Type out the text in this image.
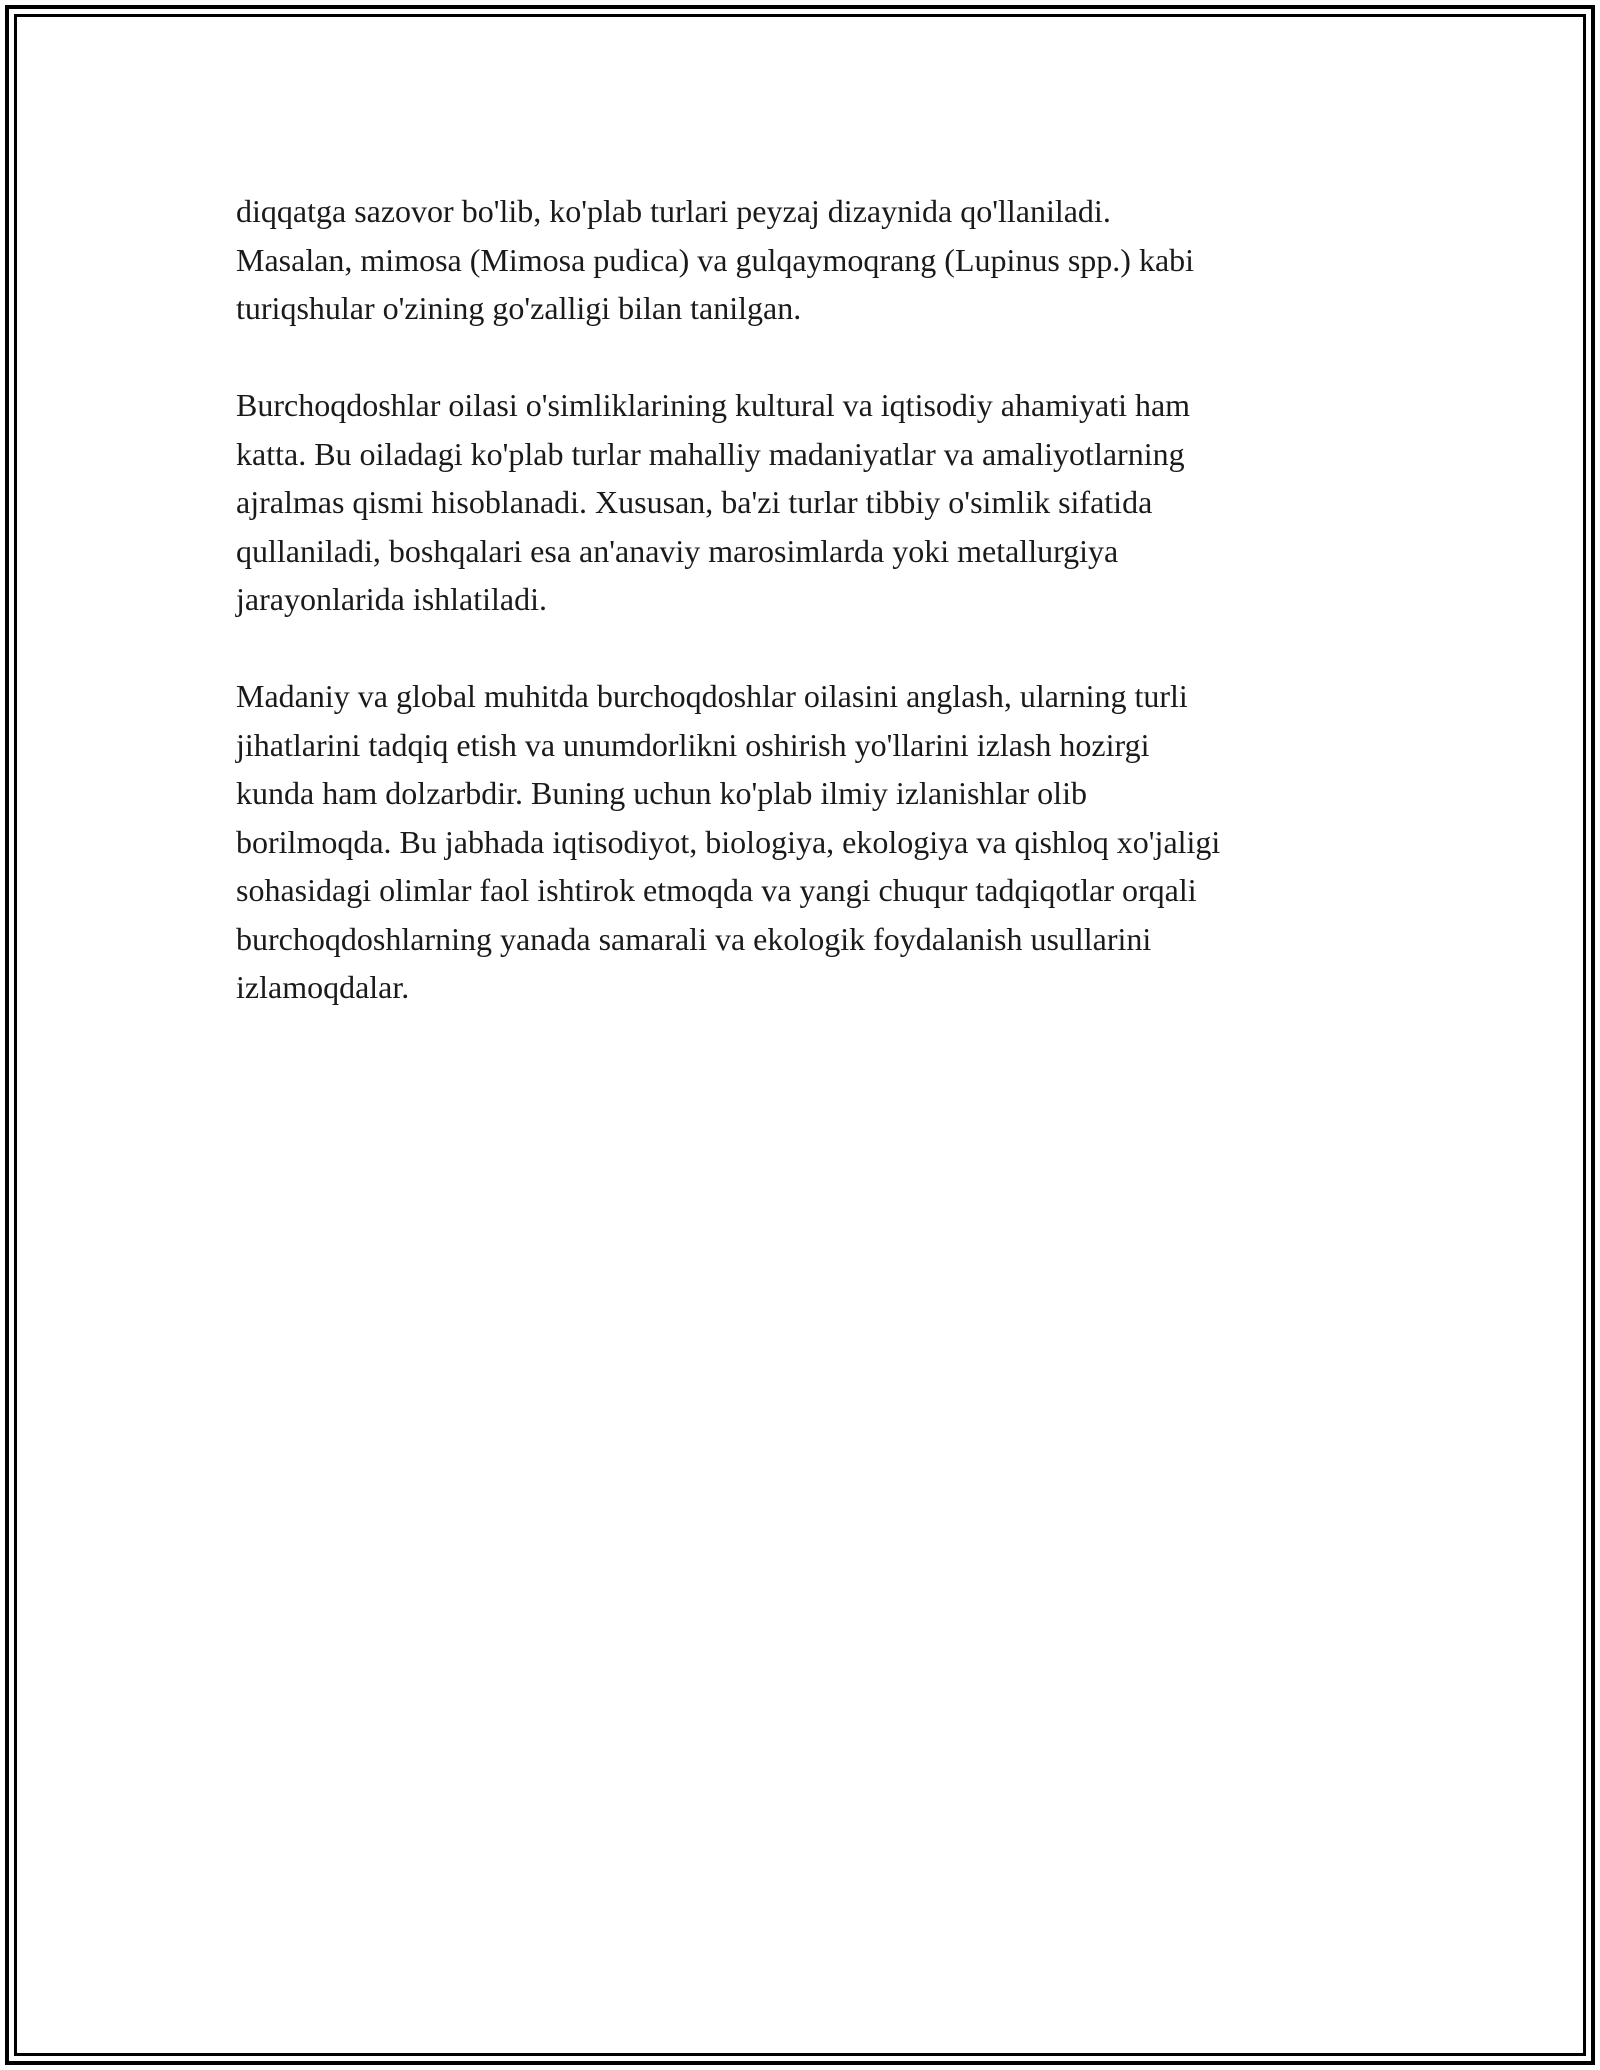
diqqatga sazovor bo'lib, ko'plab turlari peyzaj dizaynida qo'llaniladi.
Masalan, mimosa (Mimosa pudica) va gulqaymoqrang (Lupinus spp.) kabi
turiqshular o'zining go'zalligi bilan tanilgan.

Burchoqdoshlar oilasi o'simliklarining kultural va iqtisodiy ahamiyati ham
katta. Bu oiladagi ko'plab turlar mahalliy madaniyatlar va amaliyotlarning
ajralmas qismi hisoblanadi. Xususan, ba'zi turlar tibbiy o'simlik sifatida
qullaniladi, boshqalari esa an'anaviy marosimlarda yoki metallurgiya
jarayonlarida ishlatiladi.

Madaniy va global muhitda burchoqdoshlar oilasini anglash, ularning turli
jihatlarini tadqiq etish va unumdorlikni oshirish yo'llarini izlash hozirgi
kunda ham dolzarbdir. Buning uchun ko'plab ilmiy izlanishlar olib
borilmoqda. Bu jabhada iqtisodiyot, biologiya, ekologiya va qishloq xo'jaligi
sohasidagi olimlar faol ishtirok etmoqda va yangi chuqur tadqiqotlar orqali
burchoqdoshlarning yanada samarali va ekologik foydalanish usullarini
izlamoqdalar.
